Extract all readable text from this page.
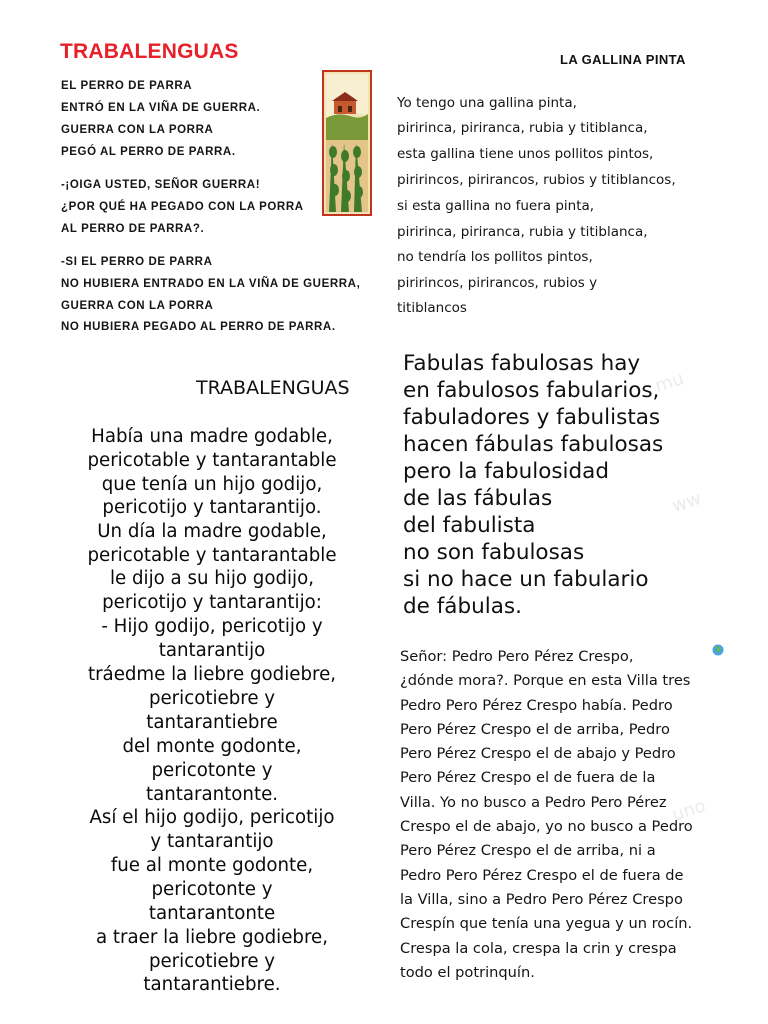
mu
ww
uno
TRABALENGUAS
EL PERRO DE PARRA
ENTRÓ EN LA VIÑA DE GUERRA.
GUERRA CON LA PORRA
PEGÓ AL PERRO DE PARRA.
-¡OIGA USTED, SEÑOR GUERRA!
¿POR QUÉ HA PEGADO CON LA PORRA
AL PERRO DE PARRA?.
-SI EL PERRO DE PARRA
NO HUBIERA ENTRADO EN LA VIÑA DE GUERRA,
GUERRA CON LA PORRA
NO HUBIERA PEGADO AL PERRO DE PARRA.
LA GALLINA PINTA
Yo tengo una gallina pinta,
piririnca, piriranca, rubia y titiblanca,
esta gallina tiene unos pollitos pintos,
piririncos, pirirancos, rubios y titiblancos,
si esta gallina no fuera pinta,
piririnca, piriranca, rubia y titiblanca,
no tendría los pollitos pintos,
piririncos, pirirancos, rubios y
titiblancos
TRABALENGUAS
Había una madre godable,
pericotable y tantarantable
que tenía un hijo godijo,
pericotijo y tantarantijo.
Un día la madre godable,
pericotable y tantarantable
le dijo a su hijo godijo,
pericotijo y tantarantijo:
- Hijo godijo, pericotijo y
tantarantijo
tráedme la liebre godiebre,
pericotiebre y
tantarantiebre
del monte godonte,
pericotonte y
tantarantonte.
Así el hijo godijo, pericotijo
y tantarantijo
fue al monte godonte,
pericotonte y
tantarantonte
a traer la liebre godiebre,
pericotiebre y
tantarantiebre.
Fabulas fabulosas hay
en fabulosos fabularios,
fabuladores y fabulistas
hacen fábulas fabulosas
pero la fabulosidad
de las fábulas
del fabulista
no son fabulosas
si no hace un fabulario
de fábulas.
Señor: Pedro Pero Pérez Crespo,
¿dónde mora?. Porque en esta Villa tres
Pedro Pero Pérez Crespo había. Pedro
Pero Pérez Crespo el de arriba, Pedro
Pero Pérez Crespo el de abajo y Pedro
Pero Pérez Crespo el de fuera de la
Villa. Yo no busco a Pedro Pero Pérez
Crespo el de abajo, yo no busco a Pedro
Pero Pérez Crespo el de arriba, ni a
Pedro Pero Pérez Crespo el de fuera de
la Villa, sino a Pedro Pero Pérez Crespo
Crespín que tenía una yegua y un rocín.
Crespa la cola, crespa la crin y crespa
todo el potrinquín.
